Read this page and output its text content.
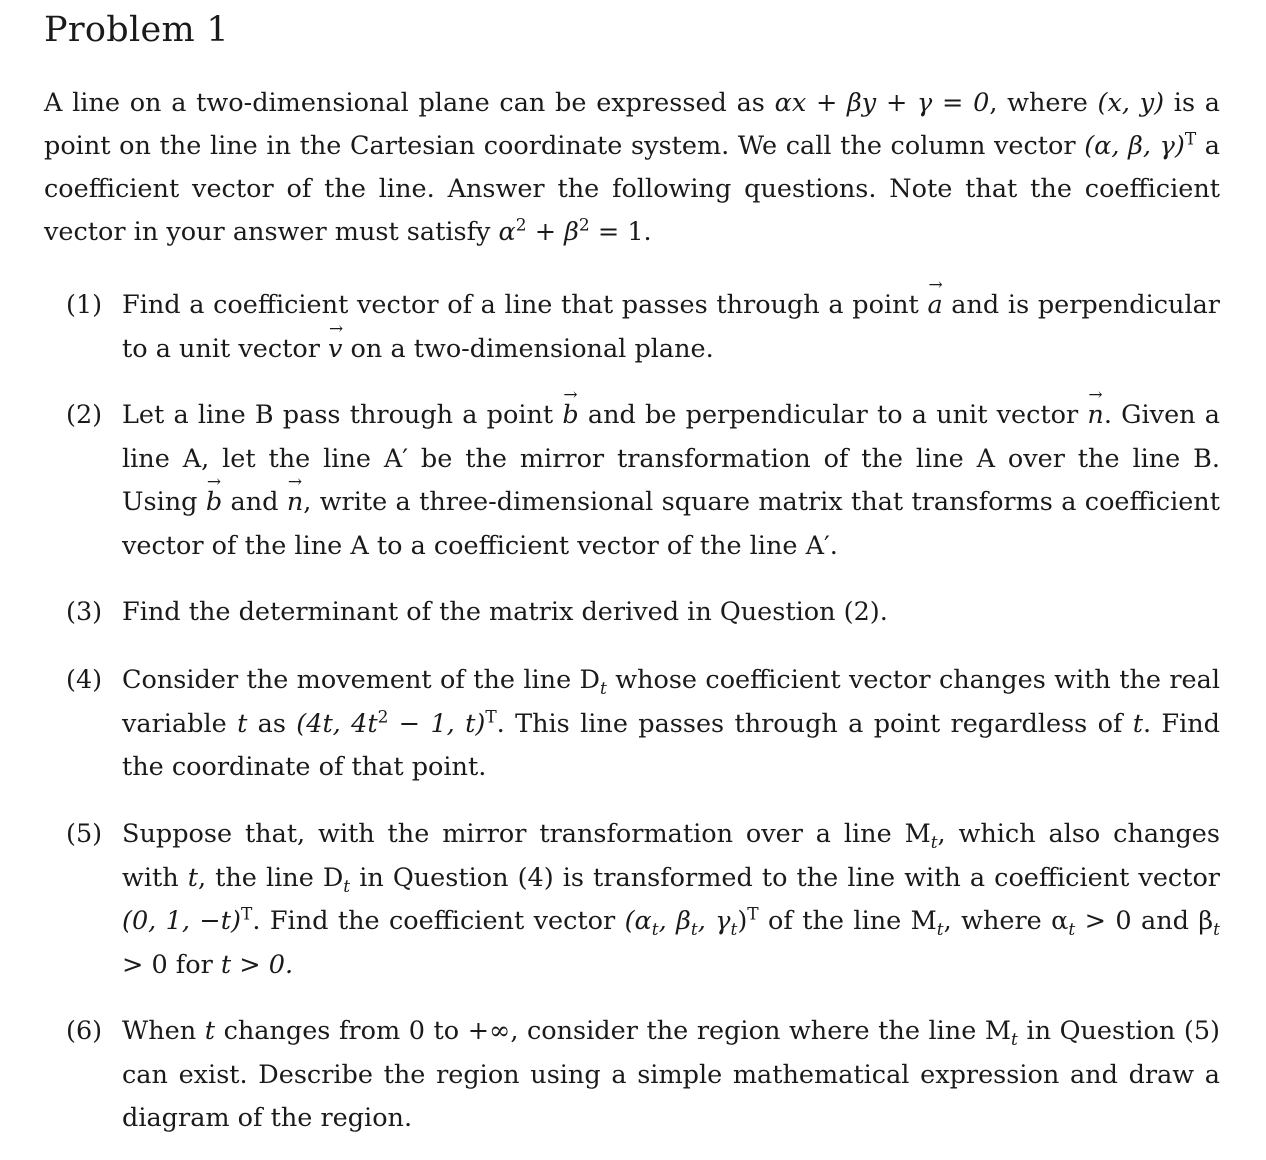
Problem 1
A line on a two-dimensional plane can be expressed as αx + βy + γ = 0, where (x, y) is a point on the line in the Cartesian coordinate system. We call the column vector (α, β, γ)$^T$ a coefficient vector of the line. Answer the following questions. Note that the coefficient vector in your answer must satisfy $\alpha^2 + \beta^2 = 1$.
(1) Find a coefficient vector of a line that passes through a point → a and is perpendicular to a unit vector → v on a two-dimensional plane.
(2) Let a line B pass through a point → b and be perpendicular to a unit vector → n. Given a line A, let the line A′ be the mirror transformation of the line A over the line B. Using → b and → n, write a three-dimensional square matrix that transforms a coefficient vector of the line A to a coefficient vector of the line A′.
(3) Find the determinant of the matrix derived in Question (2).
(4) Consider the movement of the line $D_t$ whose coefficient vector changes with the real variable t as (4t, $4t^2 - 1$, t)$^T$. This line passes through a point regardless of t. Find the coordinate of that point.
(5) Suppose that, with the mirror transformation over a line $M_t$, which also changes with t, the line $D_t$ in Question (4) is transformed to the line with a coefficient vector (0, 1, −t)$^T$. Find the coefficient vector ($\alpha_t$, $\beta_t$, $\gamma_t)^T$ of the line $M_t$, where $\alpha_t > 0$ and $\beta_t > 0$ for t > 0.
(6) When t changes from 0 to +∞, consider the region where the line $M_t$ in Question (5) can exist. Describe the region using a simple mathematical expression and draw a diagram of the region.
